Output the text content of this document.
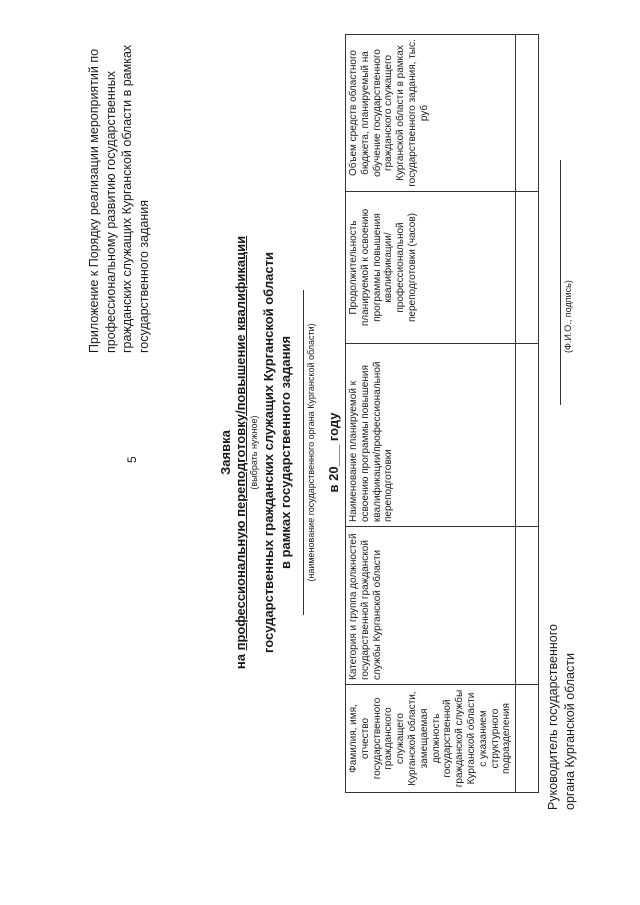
5
Приложение к Порядку реализации мероприятий по профессиональному развитию государственных гражданских служащих Курганской области в рамках государственного задания
Заявка
на профессиональную переподготовку/повышение квалификации (выбрать нужное) государственных гражданских служащих Курганской области в рамках государственного задания (наименование государственного органа Курганской области) в 20___ году
Фамилия, имя, отчество государственного гражданского служащего Курганской области, замещаемая должность государственной гражданской службы Курганской области с указанием структурного подразделения	Категория и группа должностей государственной гражданской службы Курганской области	Наименование планируемой к освоению программы повышения квалификации/профессиональной переподготовки	Продолжительность планируемой к освоению программы повышения квалификации/профессиональной переподготовки (часов)	Объем средств областного бюджета, планируемый на обучение государственного гражданского служащего Курганской области в рамках государственного задания, тыс. руб

Руководитель государственного органа Курганской области
(Ф.И.О., подпись)
